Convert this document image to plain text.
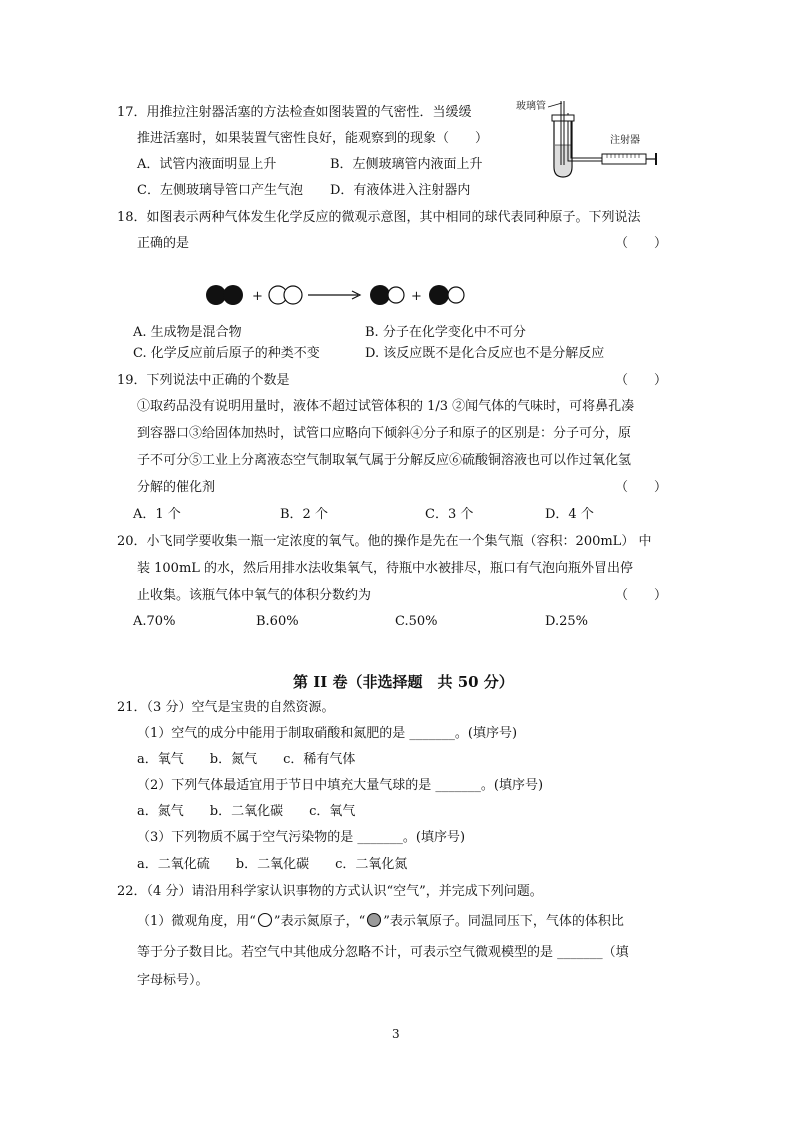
17．用推拉注射器活塞的方法检查如图装置的气密性．当缓缓
推进活塞时，如果装置气密性良好，能观察到的现象（　　）
A．试管内液面明显上升	B．左侧玻璃管内液面上升
C．左侧玻璃导管口产生气泡 D．有液体进入注射器内
玻璃管
注射器
18．如图表示两种气体发生化学反应的微观示意图，其中相同的球代表同种原子。下列说法
正确的是	（　　）
+	+
A. 生成物是混合物	B. 分子在化学变化中不可分
C. 化学反应前后原子的种类不变	D. 该反应既不是化合反应也不是分解反应
19．下列说法中正确的个数是	（　　）
①取药品没有说明用量时，液体不超过试管体积的 1/3 ②闻气体的气味时，可将鼻孔凑
到容器口③给固体加热时，试管口应略向下倾斜④分子和原子的区别是：分子可分，原
子不可分⑤工业上分离液态空气制取氧气属于分解反应⑥硫酸铜溶液也可以作过氧化氢
分解的催化剂	（　　）
A．1 个	B．2 个	C．3 个	D．4 个
20．小飞同学要收集一瓶一定浓度的氧气。他的操作是先在一个集气瓶（容积：200mL） 中
装 100mL 的水，然后用排水法收集氧气，待瓶中水被排尽，瓶口有气泡向瓶外冒出停
止收集。该瓶气体中氧气的体积分数约为	（　　）
A.70%	B.60%	C.50%	D.25%
第 II 卷（非选择题　共 50 分）
21．（3 分）空气是宝贵的自然资源。
（1）空气的成分中能用于制取硝酸和氮肥的是 _______。(填序号)
a．氧气　　b．氮气　　c．稀有气体
（2）下列气体最适宜用于节日中填充大量气球的是 _______。(填序号)
a．氮气　　b．二氧化碳　　c．氧气
（3）下列物质不属于空气污染物的是 _______。(填序号)
a．二氧化硫　　b．二氧化碳　　c．二氧化氮
22．（4 分）请沿用科学家认识事物的方式认识“空气”，并完成下列问题。
（1）微观角度，用“ ”表示氮原子，“ ”表示氧原子。同温同压下，气体的体积比
等于分子数目比。若空气中其他成分忽略不计，可表示空气微观模型的是 _______（填
字母标号）。
3
